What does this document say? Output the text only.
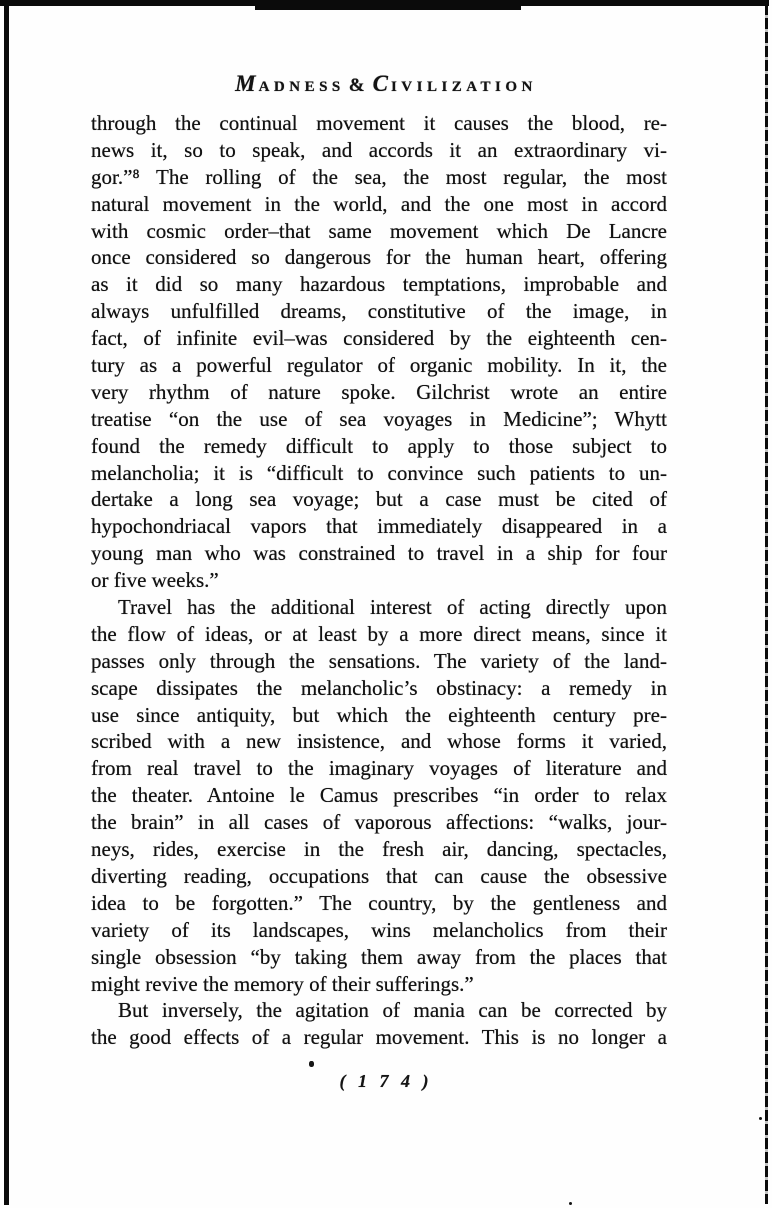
MADNESS & CIVILIZATION
through the continual movement it causes the blood, re-
news it, so to speak, and accords it an extraordinary vi-
gor.”⁸ The rolling of the sea, the most regular, the most
natural movement in the world, and the one most in accord
with cosmic order–that same movement which De Lancre
once considered so dangerous for the human heart, offering
as it did so many hazardous temptations, improbable and
always unfulfilled dreams, constitutive of the image, in
fact, of infinite evil–was considered by the eighteenth cen-
tury as a powerful regulator of organic mobility. In it, the
very rhythm of nature spoke. Gilchrist wrote an entire
treatise “on the use of sea voyages in Medicine”; Whytt
found the remedy difficult to apply to those subject to
melancholia; it is “difficult to convince such patients to un-
dertake a long sea voyage; but a case must be cited of
hypochondriacal vapors that immediately disappeared in a
young man who was constrained to travel in a ship for four
or five weeks.”
Travel has the additional interest of acting directly upon
the flow of ideas, or at least by a more direct means, since it
passes only through the sensations. The variety of the land-
scape dissipates the melancholic’s obstinacy: a remedy in
use since antiquity, but which the eighteenth century pre-
scribed with a new insistence, and whose forms it varied,
from real travel to the imaginary voyages of literature and
the theater. Antoine le Camus prescribes “in order to relax
the brain” in all cases of vaporous affections: “walks, jour-
neys, rides, exercise in the fresh air, dancing, spectacles,
diverting reading, occupations that can cause the obsessive
idea to be forgotten.” The country, by the gentleness and
variety of its landscapes, wins melancholics from their
single obsession “by taking them away from the places that
might revive the memory of their sufferings.”
But inversely, the agitation of mania can be corrected by
the good effects of a regular movement. This is no longer a
( 1 7 4 )
